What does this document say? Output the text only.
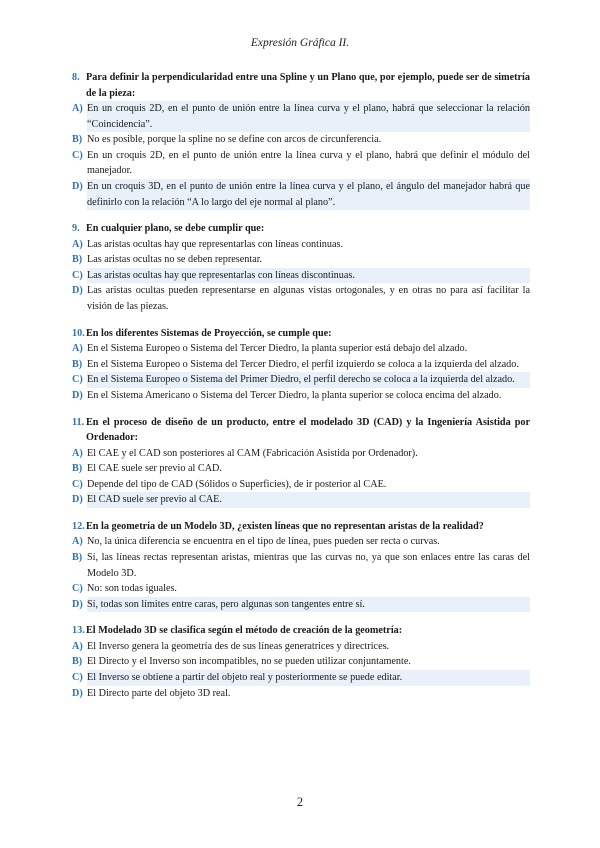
Expresión Gráfica II.
8. Para definir la perpendicularidad entre una Spline y un Plano que, por ejemplo, puede ser de simetría de la pieza:
A) En un croquis 2D, en el punto de unión entre la línea curva y el plano, habrá que seleccionar la relación “Coincidencia”.
B) No es posible, porque la spline no se define con arcos de circunferencia.
C) En un croquis 2D, en el punto de unión entre la línea curva y el plano, habrá que definir el módulo del manejador.
D) En un croquis 3D, en el punto de unión entre la línea curva y el plano, el ángulo del manejador habrá que definirlo con la relación “A lo largo del eje normal al plano”.
9. En cualquier plano, se debe cumplir que:
A) Las aristas ocultas hay que representarlas con líneas continuas.
B) Las aristas ocultas no se deben representar.
C) Las aristas ocultas hay que representarlas con líneas discontinuas.
D) Las aristas ocultas pueden representarse en algunas vistas ortogonales, y en otras no para así facilitar la visión de las piezas.
10. En los diferentes Sistemas de Proyección, se cumple que:
A) En el Sistema Europeo o Sistema del Tercer Diedro, la planta superior está debajo del alzado.
B) En el Sistema Europeo o Sistema del Tercer Diedro, el perfil izquierdo se coloca a la izquierda del alzado.
C) En el Sistema Europeo o Sistema del Primer Diedro, el perfil derecho se coloca a la izquierda del alzado.
D) En el Sistema Americano o Sistema del Tercer Diedro, la planta superior se coloca encima del alzado.
11. En el proceso de diseño de un producto, entre el modelado 3D (CAD) y la Ingeniería Asistida por Ordenador:
A) El CAE y el CAD son posteriores al CAM (Fabricación Asistida por Ordenador).
B) El CAE suele ser previo al CAD.
C) Depende del tipo de CAD (Sólidos o Superficies), de ir posterior al CAE.
D) El CAD suele ser previo al CAE.
12. En la geometría de un Modelo 3D, ¿existen líneas que no representan aristas de la realidad?
A) No, la única diferencia se encuentra en el tipo de línea, pues pueden ser recta o curvas.
B) Sí, las líneas rectas representan aristas, mientras que las curvas no, ya que son enlaces entre las caras del Modelo 3D.
C) No: son todas iguales.
D) Sí, todas son límites entre caras, pero algunas son tangentes entre sí.
13. El Modelado 3D se clasifica según el método de creación de la geometría:
A) El Inverso genera la geometría des de sus líneas generatrices y directrices.
B) El Directo y el Inverso son incompatibles, no se pueden utilizar conjuntamente.
C) El Inverso se obtiene a partir del objeto real y posteriormente se puede editar.
D) El Directo parte del objeto 3D real.
2
